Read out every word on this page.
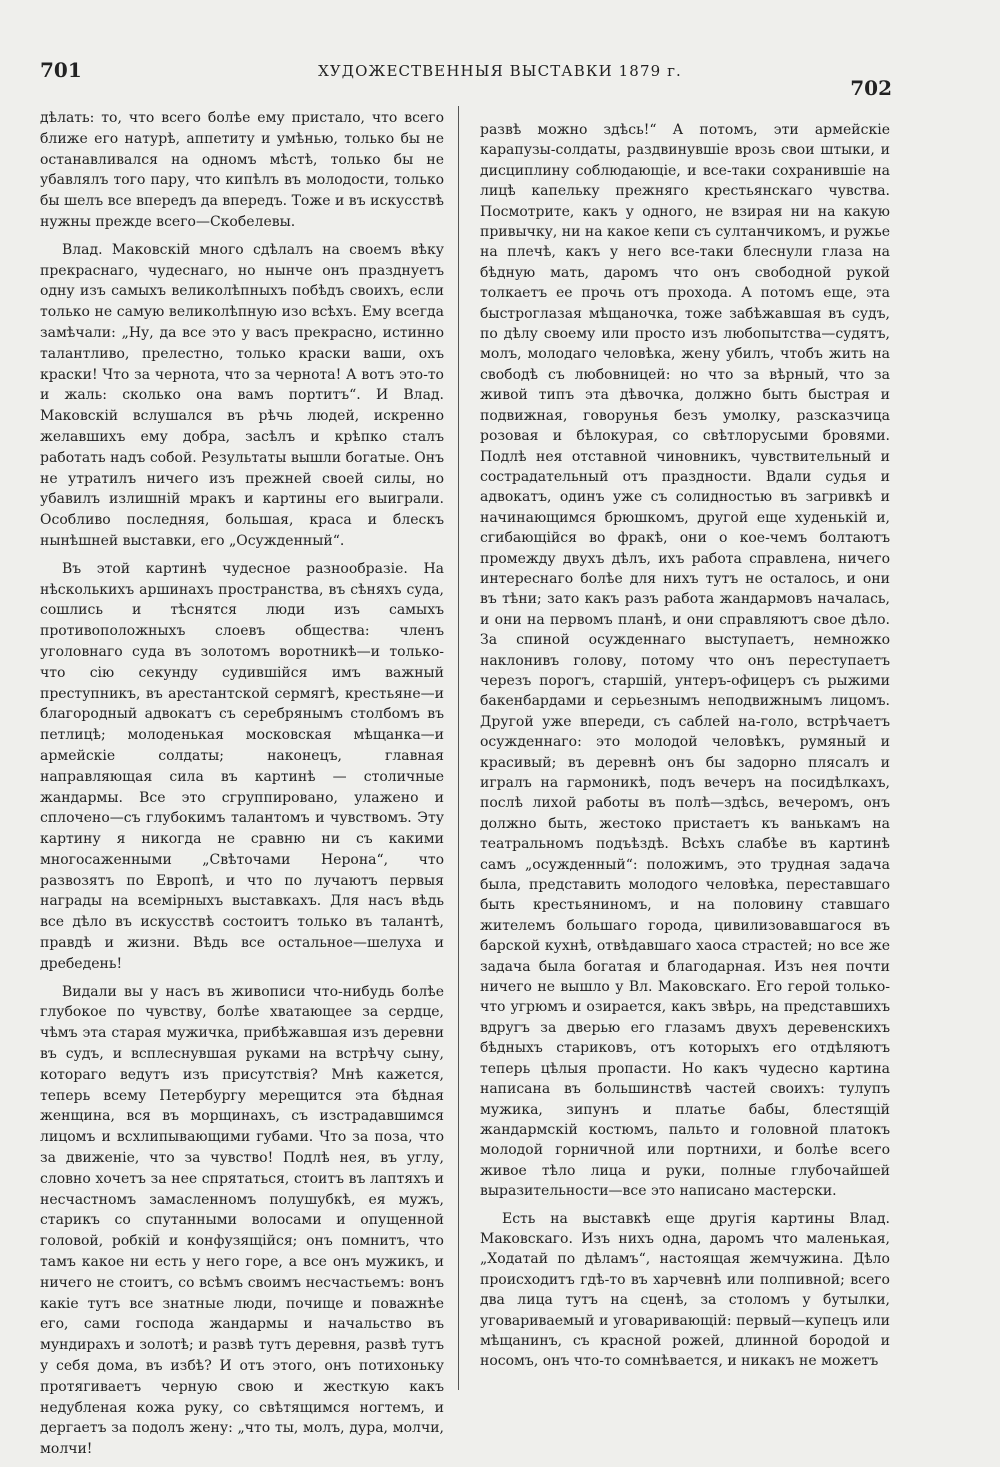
701	ХУДОЖЕСТВЕННЫЯ ВЫСТАВКИ 1879 г.
702

дѣлать: то, что всего болѣе ему пристало, что всего ближе его натурѣ, аппетиту и умѣнью, только бы не останавливался на одномъ мѣстѣ, только бы не убавлялъ того пару, что кипѣлъ въ молодости, только бы шелъ все впередъ да впередъ. Тоже и въ искусствѣ нужны прежде всего—Скобелевы.

Влад. Маковскій много сдѣлалъ на своемъ вѣку прекраснаго, чудеснаго, но нынче онъ празднуетъ одну изъ самыхъ великолѣпныхъ побѣдъ своихъ, если только не самую великолѣпную изо всѣхъ. Ему всегда замѣчали: „Ну, да все это у васъ прекрасно, истинно талантливо, прелестно, только краски ваши, охъ краски! Что за чернота, что за чернота! А вотъ это-то и жаль: сколько она вамъ портитъ“. И Влад. Маковскій вслушался въ рѣчь людей, искренно желавшихъ ему добра, засѣлъ и крѣпко сталъ работать надъ собой. Результаты вышли богатые. Онъ не утратилъ ничего изъ прежней своей силы, но убавилъ излишній мракъ и картины его выиграли. Особливо последняя, большая, краса и блескъ нынѣшней выставки, его „Осужденный“.

Въ этой картинѣ чудесное разнообразіе. На нѣсколькихъ аршинахъ пространства, въ сѣняхъ суда, сошлись и тѣснятся люди изъ самыхъ противоположныхъ слоевъ общества: членъ уголовнаго суда въ золотомъ воротникѣ—и только-что сію секунду судившійся имъ важный преступникъ, въ арестантской сермягѣ, крестьяне—и благородный адвокатъ съ серебрянымъ столбомъ въ петлицѣ; молоденькая московская мѣщанка—и армейскіе солдаты; наконецъ, главная направляющая сила въ картинѣ — столичные жандармы. Все это сгруппировано, улажено и сплочено—съ глубокимъ талантомъ и чувствомъ. Эту картину я никогда не сравню ни съ какими многосаженными „Свѣточами Нерона“, что развозятъ по Европѣ, и что по лучаютъ первыя награды на всемірныхъ выставкахъ. Для насъ вѣдь все дѣло въ искусствѣ состоитъ только въ талантѣ, правдѣ и жизни. Вѣдь все остальное—шелуха и дребедень!

Видали вы у насъ въ живописи что-нибудь болѣе глубокое по чувству, болѣе хватающее за сердце, чѣмъ эта старая мужичка, прибѣжавшая изъ деревни въ судъ, и всплеснувшая руками на встрѣчу сыну, котораго ведутъ изъ присутствія? Мнѣ кажется, теперь всему Петербургу мерещится эта бѣдная женщина, вся въ морщинахъ, съ изстрадавшимся лицомъ и всхлипывающими губами. Что за поза, что за движеніе, что за чувство! Подлѣ нея, въ углу, словно хочетъ за нее спрятаться, стоитъ въ лаптяхъ и несчастномъ замасленномъ полушубкѣ, ея мужъ, старикъ со спутанными волосами и опущенной головой, робкій и конфузящійся; онъ помнитъ, что тамъ какое ни есть у него горе, а все онъ мужикъ, и ничего не стоитъ, со всѣмъ своимъ несчастьемъ: вонъ какіе тутъ все знатные люди, почище и поважнѣе его, сами господа жандармы и начальство въ мундирахъ и золотѣ; и развѣ тутъ деревня, развѣ тутъ у себя дома, въ избѣ? И отъ этого, онъ потихоньку протягиваетъ черную свою и жесткую какъ недубленая кожа руку, со свѣтящимся ногтемъ, и дергаетъ за подолъ жену: „что ты, молъ, дура, молчи, молчи!

развѣ можно здѣсь!“ А потомъ, эти армейскіе карапузы-солдаты, раздвинувшіе врозь свои штыки, и дисциплину соблюдающіе, и все-таки сохранившіе на лицѣ капельку прежняго крестьянскаго чувства. Посмотрите, какъ у одного, не взирая ни на какую привычку, ни на какое кепи съ султанчикомъ, и ружье на плечѣ, какъ у него все-таки блеснули глаза на бѣдную мать, даромъ что онъ свободной рукой толкаетъ ее прочь отъ прохода. А потомъ еще, эта быстроглазая мѣщаночка, тоже забѣжавшая въ судъ, по дѣлу своему или просто изъ любопытства—судятъ, молъ, молодаго человѣка, жену убилъ, чтобъ жить на свободѣ съ любовницей: но что за вѣрный, что за живой типъ эта дѣвочка, должно быть быстрая и подвижная, говорунья безъ умолку, разсказчица розовая и бѣлокурая, со свѣтлорусыми бровями. Подлѣ нея отставной чиновникъ, чувствительный и сострадательный отъ праздности. Вдали судья и адвокатъ, одинъ уже съ солидностью въ загривкѣ и начинающимся брюшкомъ, другой еще худенькій и, сгибающійся во фракѣ, они о кое-чемъ болтаютъ промежду двухъ дѣлъ, ихъ работа справлена, ничего интереснаго болѣе для нихъ тутъ не осталось, и они въ тѣни; зато какъ разъ работа жандармовъ началась, и они на первомъ планѣ, и они справляютъ свое дѣло. За спиной осужденнаго выступаетъ, немножко наклонивъ голову, потому что онъ переступаетъ черезъ порогъ, старшій, унтеръ-офицеръ съ рыжими бакенбардами и серьезнымъ неподвижнымъ лицомъ. Другой уже впереди, съ саблей на-голо, встрѣчаетъ осужденнаго: это молодой человѣкъ, румяный и красивый; въ деревнѣ онъ бы задорно плясалъ и игралъ на гармоникѣ, подъ вечеръ на посидѣлкахъ, послѣ лихой работы въ полѣ—здѣсь, вечеромъ, онъ должно быть, жестоко пристаетъ къ ванькамъ на театральномъ подъѣздѣ. Всѣхъ слабѣе въ картинѣ самъ „осужденный“: положимъ, это трудная задача была, представить молодого человѣка, переставшаго быть крестьяниномъ, и на половину ставшаго жителемъ большаго города, цивилизовавшагося въ барской кухнѣ, отвѣдавшаго хаоса страстей; но все же задача была богатая и благодарная. Изъ нея почти ничего не вышло у Вл. Маковскаго. Его герой только-что угрюмъ и озирается, какъ звѣрь, на представшихъ вдругъ за дверью его глазамъ двухъ деревенскихъ бѣдныхъ стариковъ, отъ которыхъ его отдѣляютъ теперь цѣлыя пропасти. Но какъ чудесно картина написана въ большинствѣ частей своихъ: тулупъ мужика, зипунъ и платье бабы, блестящій жандармскій костюмъ, пальто и головной платокъ молодой горничной или портнихи, и болѣе всего живое тѣло лица и руки, полные глубочайшей выразительности—все это написано мастерски.

Есть на выставкѣ еще другія картины Влад. Маковскаго. Изъ нихъ одна, даромъ что маленькая, „Ходатай по дѣламъ“, настоящая жемчужина. Дѣло происходитъ гдѣ-то въ харчевнѣ или полпивной; всего два лица тутъ на сценѣ, за столомъ у бутылки, уговариваемый и уговаривающій: первый—купецъ или мѣщанинъ, съ красной рожей, длинной бородой и носомъ, онъ что-то сомнѣвается, и никакъ не можетъ
